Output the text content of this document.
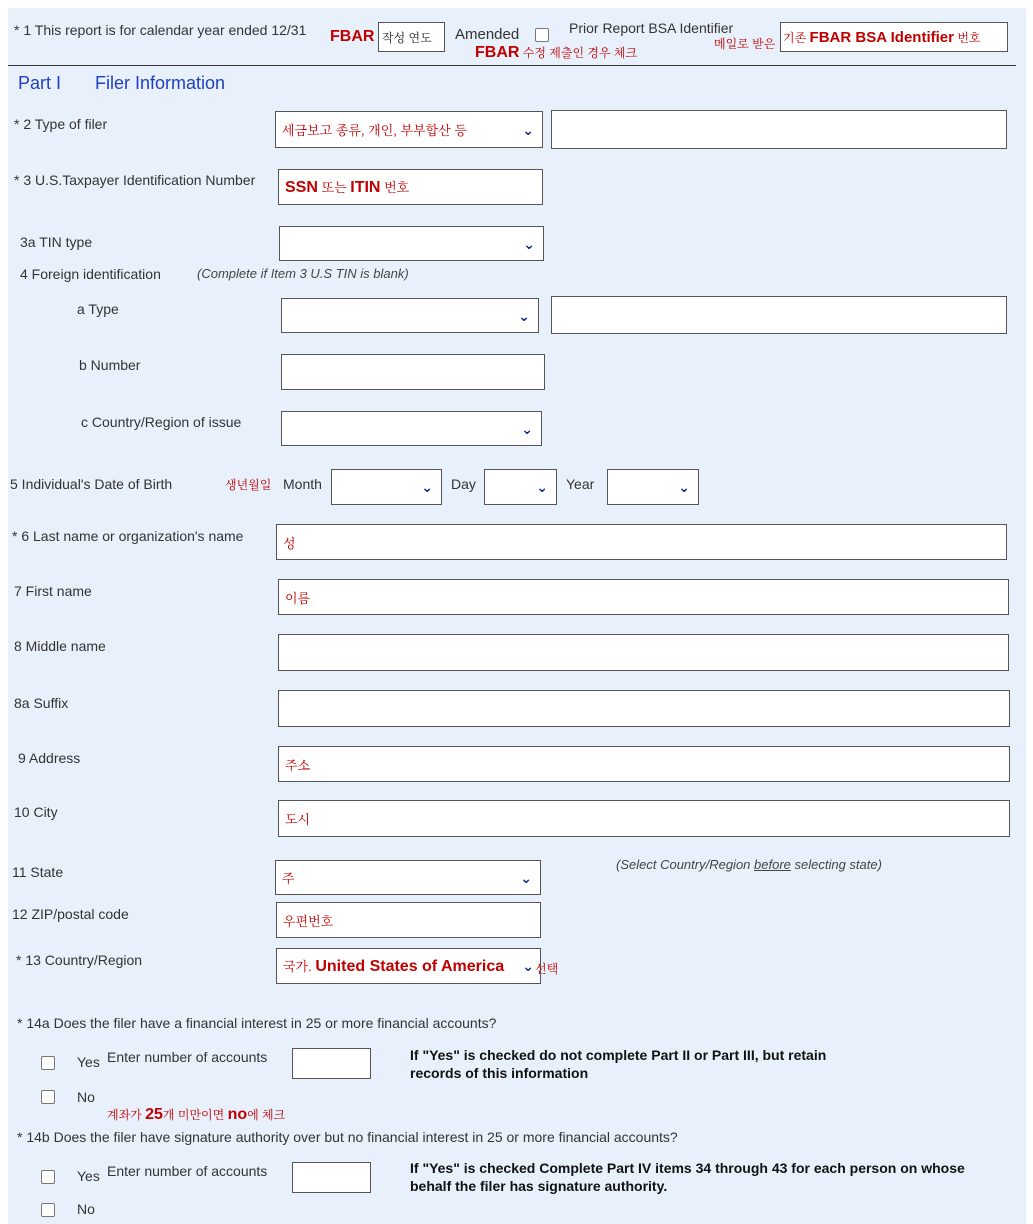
* 1 This report is for calendar year ended 12/31 FBAR 작성 연도	Amended
FBAR 수정 제출인 경우 체크
Prior Report BSA Identifier
메일로 받은 기존 FBAR BSA Identifier 번호
Part I Filer Information
* 2 Type of filer	세금보고 종류, 개인, 부부합산 등	⌄
* 3 U.S.Taxpayer Identification Number SSN 또는 ITIN 번호
3a TIN type	⌄
4 Foreign identification	(Complete if Item 3 U.S TIN is blank)
a Type	⌄
b Number
c Country/Region of issue	⌄
5 Individual's Date of Birth	생년월일 Month	⌄ Day	⌄ Year	⌄
* 6 Last name or organization's name	성
7 First name	이름
8 Middle name
8a Suffix
9 Address	주소
10 City	도시
11 State	주	⌄
(Select Country/Region before selecting state)
12 ZIP/postal code	우편번호
* 13 Country/Region	국가. United States of America	⌄ 선택
* 14a Does the filer have a financial interest in 25 or more financial accounts?
Yes Enter number of accounts	If "Yes" is checked do not complete Part II or Part III, but retain
records of this information
No
계좌가 25개 미만이면 no에 체크
* 14b Does the filer have signature authority over but no financial interest in 25 or more financial accounts?
Yes Enter number of accounts	If "Yes" is checked Complete Part IV items 34 through 43 for each person on whose
behalf the filer has signature authority.
No
